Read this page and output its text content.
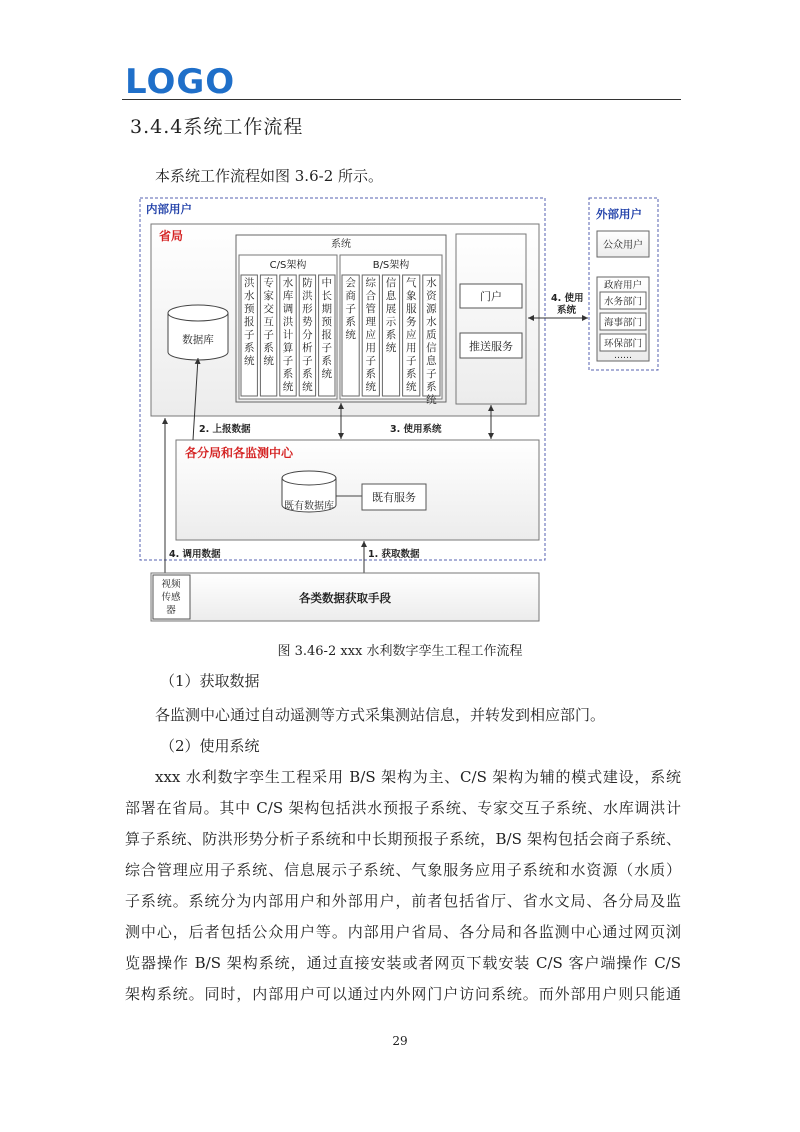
LOGO
3.4.4系统工作流程
本系统工作流程如图 3.6-2 所示。
内部用户
省局
数据库
系统
C/S架构	B/S架构
洪水预报子系统
专家交互子系统
水库调洪计算子系统
防洪形势分析子系统
中长期预报子系统
会商子系统
综合管理应用子系统
信息展示系统
气象服务应用子系统
水资源水质信息子系统
门户
推送服务
外部用户
公众用户
政府用户
水务部门
海事部门
环保部门
……
4. 使用系统
各分局和各监测中心
既有数据库
既有服务
2. 上报数据	3. 使用系统
4. 调用数据	1. 获取数据
各类数据获取手段
视频传感器
图 3.46-2 xxx 水利数字孪生工程工作流程
（1）获取数据
各监测中心通过自动遥测等方式采集测站信息，并转发到相应部门。
（2）使用系统
xxx 水利数字孪生工程采用 B/S 架构为主、C/S 架构为辅的模式建设，系统
部署在省局。其中 C/S 架构包括洪水预报子系统、专家交互子系统、水库调洪计
算子系统、防洪形势分析子系统和中长期预报子系统，B/S 架构包括会商子系统、
综合管理应用子系统、信息展示子系统、气象服务应用子系统和水资源（水质）
子系统。系统分为内部用户和外部用户，前者包括省厅、省水文局、各分局及监
测中心，后者包括公众用户等。内部用户省局、各分局和各监测中心通过网页浏
览器操作 B/S 架构系统，通过直接安装或者网页下载安装 C/S 客户端操作 C/S
架构系统。同时，内部用户可以通过内外网门户访问系统。而外部用户则只能通
29
